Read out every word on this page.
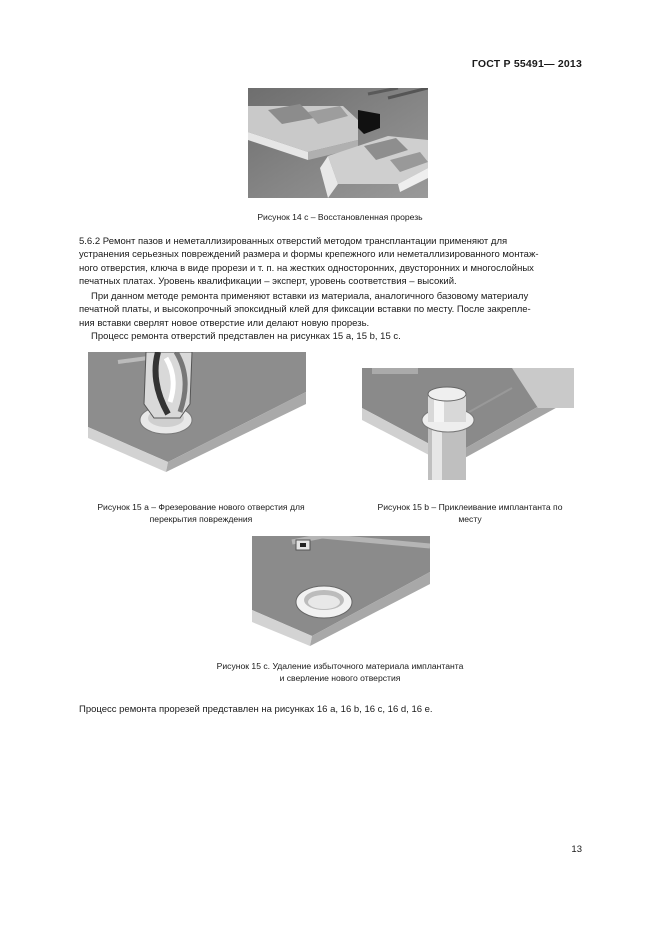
ГОСТ Р 55491— 2013
Рисунок 14 c – Восстановленная прорезь
5.6.2 Ремонт пазов и неметаллизированных отверстий методом трансплантации применяют для
устранения серьезных повреждений размера и формы крепежного или неметаллизированного монтаж-
ного отверстия, ключа в виде прорези и т. п. на жестких односторонних, двусторонних и многослойных
печатных платах. Уровень квалификации – эксперт, уровень соответствия – высокий.
При данном методе ремонта применяют вставки из материала, аналогичного базовому материалу
печатной платы, и высокопрочный эпоксидный клей для фиксации вставки по месту. После закрепле-
ния вставки сверлят новое отверстие или делают новую прорезь.
Процесс ремонта отверстий представлен на рисунках 15 a, 15 b, 15 c.
Рисунок 15 a – Фрезерование нового отверстия для
перекрытия повреждения
Рисунок 15 b – Приклеивание имплантанта по
месту
Рисунок 15 c. Удаление избыточного материала имплантанта
и сверление нового отверстия
Процесс ремонта прорезей представлен на рисунках 16 a, 16 b, 16 c, 16 d, 16 e.
13
